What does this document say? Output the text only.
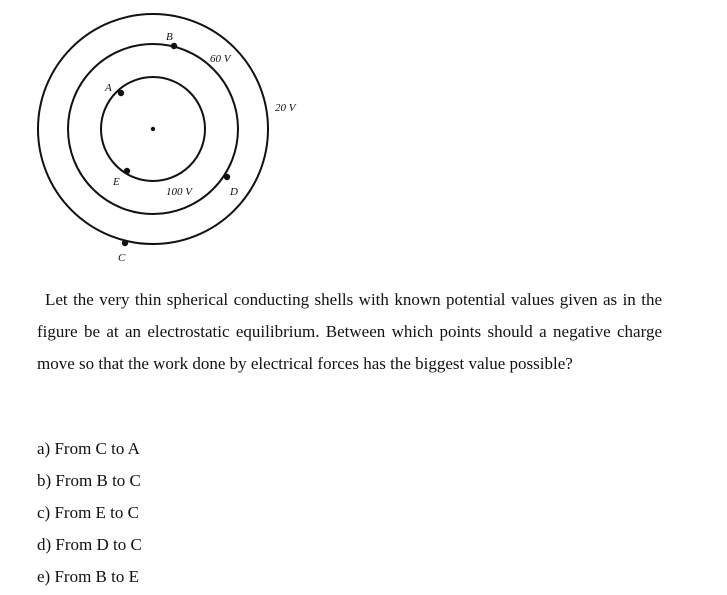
A
B
C
D
E
60 V
20 V
100 V

Let the very thin spherical conducting shells with known potential values given as in the figure be at an electrostatic equilibrium. Between which points should a negative charge move so that the work done by electrical forces has the biggest value possible?

a) From C to A
b) From B to C
c) From E to C
d) From D to C
e) From B to E
